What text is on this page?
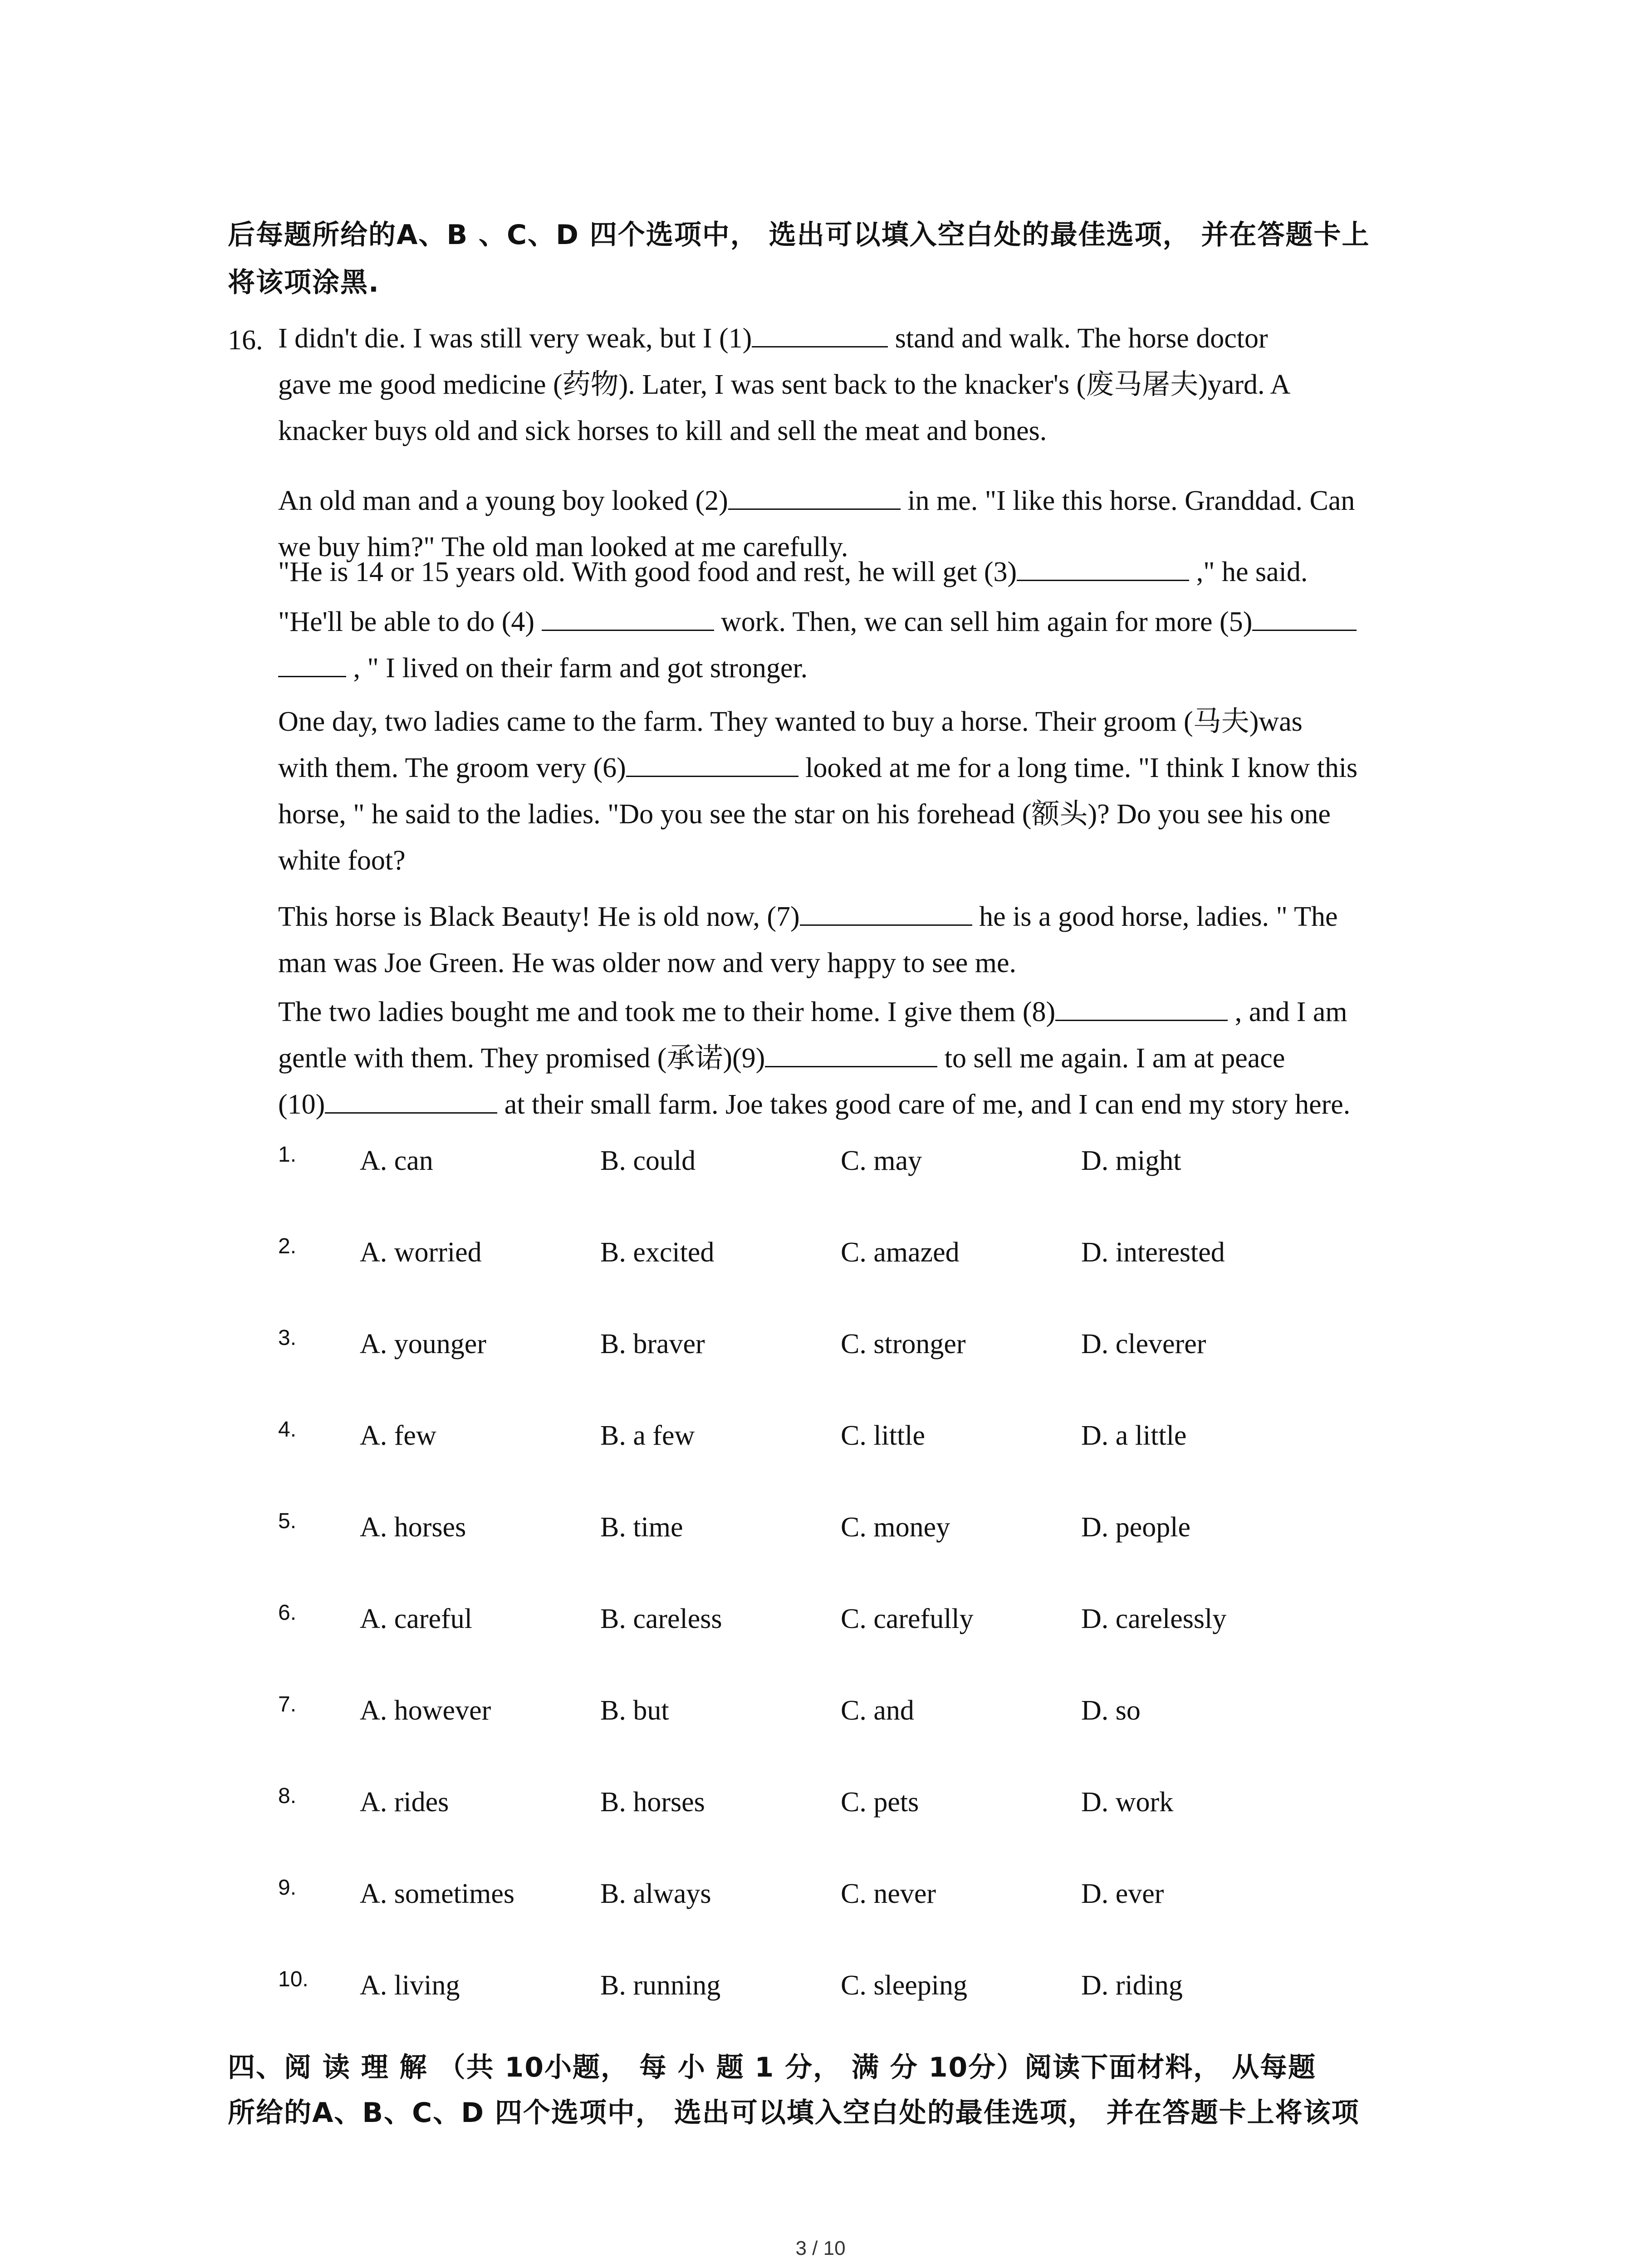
后每题所给的A、B 、C、D 四个选项中， 选出可以填入空白处的最佳选项， 并在答题卡上
将该项涂黑.
16. I didn't die. I was still very weak, but I (1)	stand and walk. The horse doctor
gave me good medicine (药物). Later, I was sent back to the knacker's (废马屠夫)yard. A
knacker buys old and sick horses to kill and sell the meat and bones.
An old man and a young boy looked (2)	in me. "I like this horse. Granddad. Can
we buy him?" The old man looked at me carefully.
"He is 14 or 15 years old. With good food and rest, he will get (3)	," he said.
"He'll be able to do (4)	work. Then, we can sell him again for more (5)
, " I lived on their farm and got stronger.
One day, two ladies came to the farm. They wanted to buy a horse. Their groom (马夫)was
with them. The groom very (6)	looked at me for a long time. "I think I know this
horse, " he said to the ladies. "Do you see the star on his forehead (额头)? Do you see his one
white foot?
This horse is Black Beauty! He is old now, (7)	he is a good horse, ladies. " The
man was Joe Green. He was older now and very happy to see me.
The two ladies bought me and took me to their home. I give them (8)	, and I am
gentle with them. They promised (承诺)(9)	to sell me again. I am at peace
(10)	at their small farm. Joe takes good care of me, and I can end my story here.
1. A. can	B. could	C. may	D. might
2. A. worried	B. excited	C. amazed	D. interested
3. A. younger	B. braver	C. stronger	D. cleverer
4. A. few	B. a few	C. little	D. a little
5. A. horses	B. time	C. money	D. people
6. A. careful	B. careless	C. carefully	D. carelessly
7. A. however	B. but	C. and	D. so
8. A. rides	B. horses	C. pets	D. work
9. A. sometimes	B. always	C. never	D. ever
10. A. living	B. running	C. sleeping	D. riding
四、阅 读 理 解 （共 10小题， 每 小 题 1 分， 满 分 10分）阅读下面材料， 从每题
所给的A、B、C、D 四个选项中， 选出可以填入空白处的最佳选项， 并在答题卡上将该项
3 / 10
